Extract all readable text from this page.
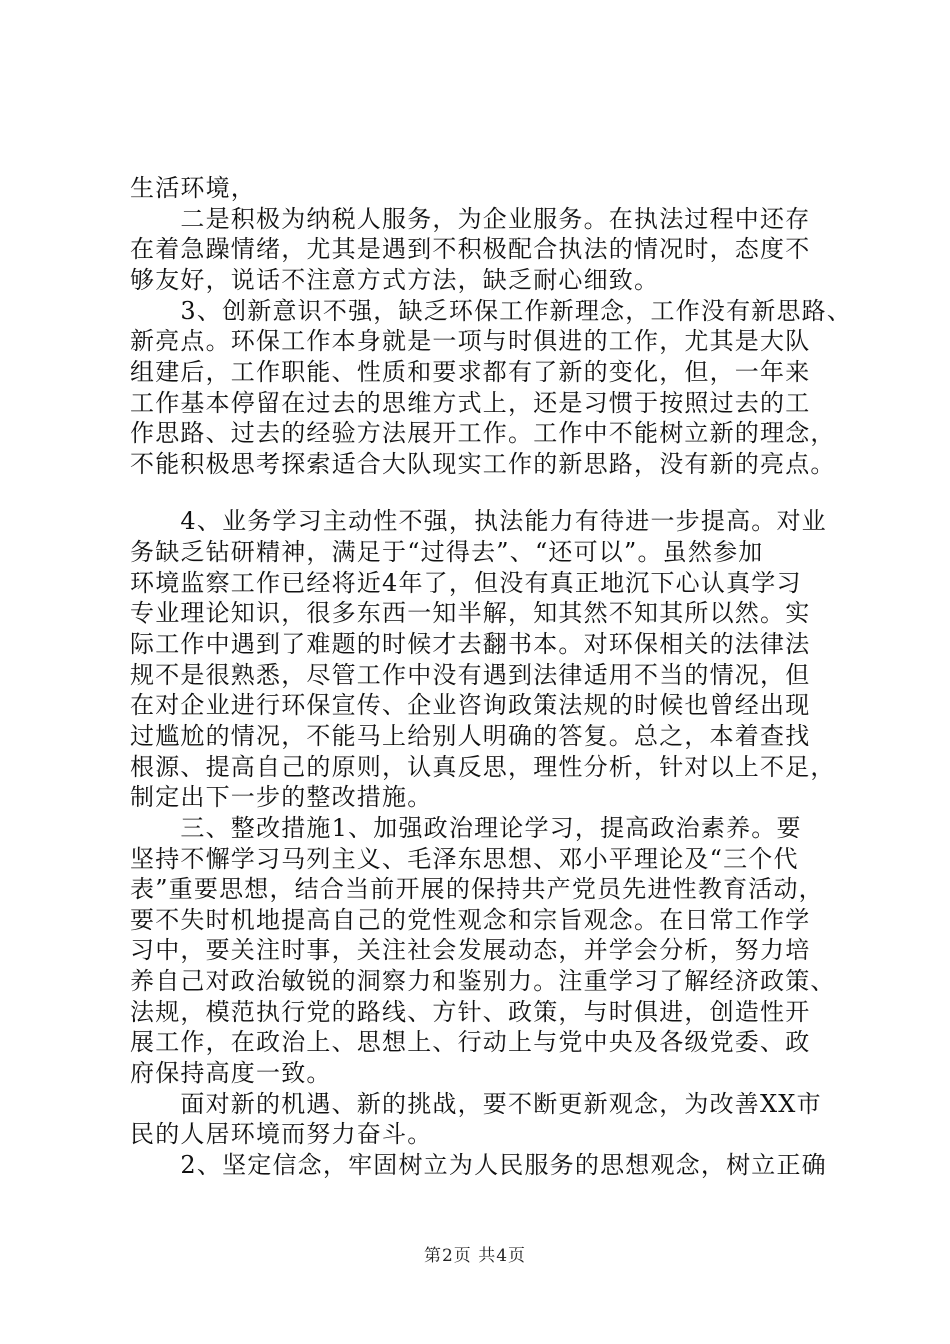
生活环境，
　　二是积极为纳税人服务，为企业服务。在执法过程中还存
在着急躁情绪，尤其是遇到不积极配合执法的情况时，态度不
够友好，说话不注意方式方法，缺乏耐心细致。
　　3、创新意识不强，缺乏环保工作新理念，工作没有新思路、
新亮点。环保工作本身就是一项与时俱进的工作，尤其是大队
组建后，工作职能、性质和要求都有了新的变化，但，一年来
工作基本停留在过去的思维方式上，还是习惯于按照过去的工
作思路、过去的经验方法展开工作。工作中不能树立新的理念，
不能积极思考探索适合大队现实工作的新思路，没有新的亮点。
　　4、业务学习主动性不强，执法能力有待进一步提高。对业
务缺乏钻研精神，满足于“过得去”、“还可以”。虽然参加
环境监察工作已经将近4年了，但没有真正地沉下心认真学习
专业理论知识，很多东西一知半解，知其然不知其所以然。实
际工作中遇到了难题的时候才去翻书本。对环保相关的法律法
规不是很熟悉，尽管工作中没有遇到法律适用不当的情况，但
在对企业进行环保宣传、企业咨询政策法规的时候也曾经出现
过尴尬的情况，不能马上给别人明确的答复。总之，本着查找
根源、提高自己的原则，认真反思，理性分析，针对以上不足，
制定出下一步的整改措施。
　　三、整改措施1、加强政治理论学习，提高政治素养。要
坚持不懈学习马列主义、毛泽东思想、邓小平理论及“三个代
表”重要思想，结合当前开展的保持共产党员先进性教育活动，
要不失时机地提高自己的党性观念和宗旨观念。在日常工作学
习中，要关注时事，关注社会发展动态，并学会分析，努力培
养自己对政治敏锐的洞察力和鉴别力。注重学习了解经济政策、
法规，模范执行党的路线、方针、政策，与时俱进，创造性开
展工作，在政治上、思想上、行动上与党中央及各级党委、政
府保持高度一致。
　　面对新的机遇、新的挑战，要不断更新观念，为改善XX市
民的人居环境而努力奋斗。
　　2、坚定信念，牢固树立为人民服务的思想观念，树立正确
第2页 共4页
